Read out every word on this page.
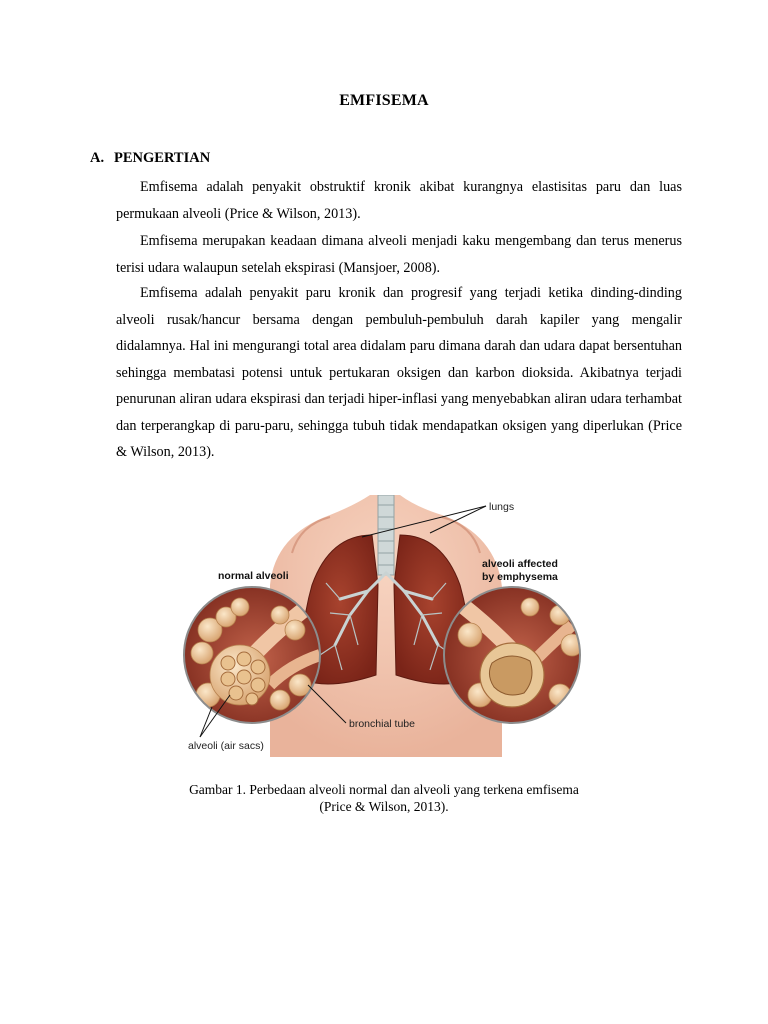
EMFISEMA
A. PENGERTIAN

Emfisema adalah penyakit obstruktif kronik akibat kurangnya elastisitas paru dan luas permukaan alveoli (Price & Wilson, 2013).

Emfisema merupakan keadaan dimana alveoli menjadi kaku mengembang dan terus menerus terisi udara walaupun setelah ekspirasi (Mansjoer, 2008).

Emfisema adalah penyakit paru kronik dan progresif yang terjadi ketika dinding-dinding alveoli rusak/hancur bersama dengan pembuluh-pembuluh darah kapiler yang mengalir didalamnya. Hal ini mengurangi total area didalam paru dimana darah dan udara dapat bersentuhan sehingga membatasi potensi untuk pertukaran oksigen dan karbon dioksida. Akibatnya terjadi penurunan aliran udara ekspirasi dan terjadi hiper-inflasi yang menyebabkan aliran udara terhambat dan terperangkap di paru-paru, sehingga tubuh tidak mendapatkan oksigen yang diperlukan (Price & Wilson, 2013).

lungs
normal alveoli
alveoli affected
by emphysema
bronchial tube
alveoli (air sacs)
Gambar 1. Perbedaan alveoli normal dan alveoli yang terkena emfisema
(Price & Wilson, 2013).
